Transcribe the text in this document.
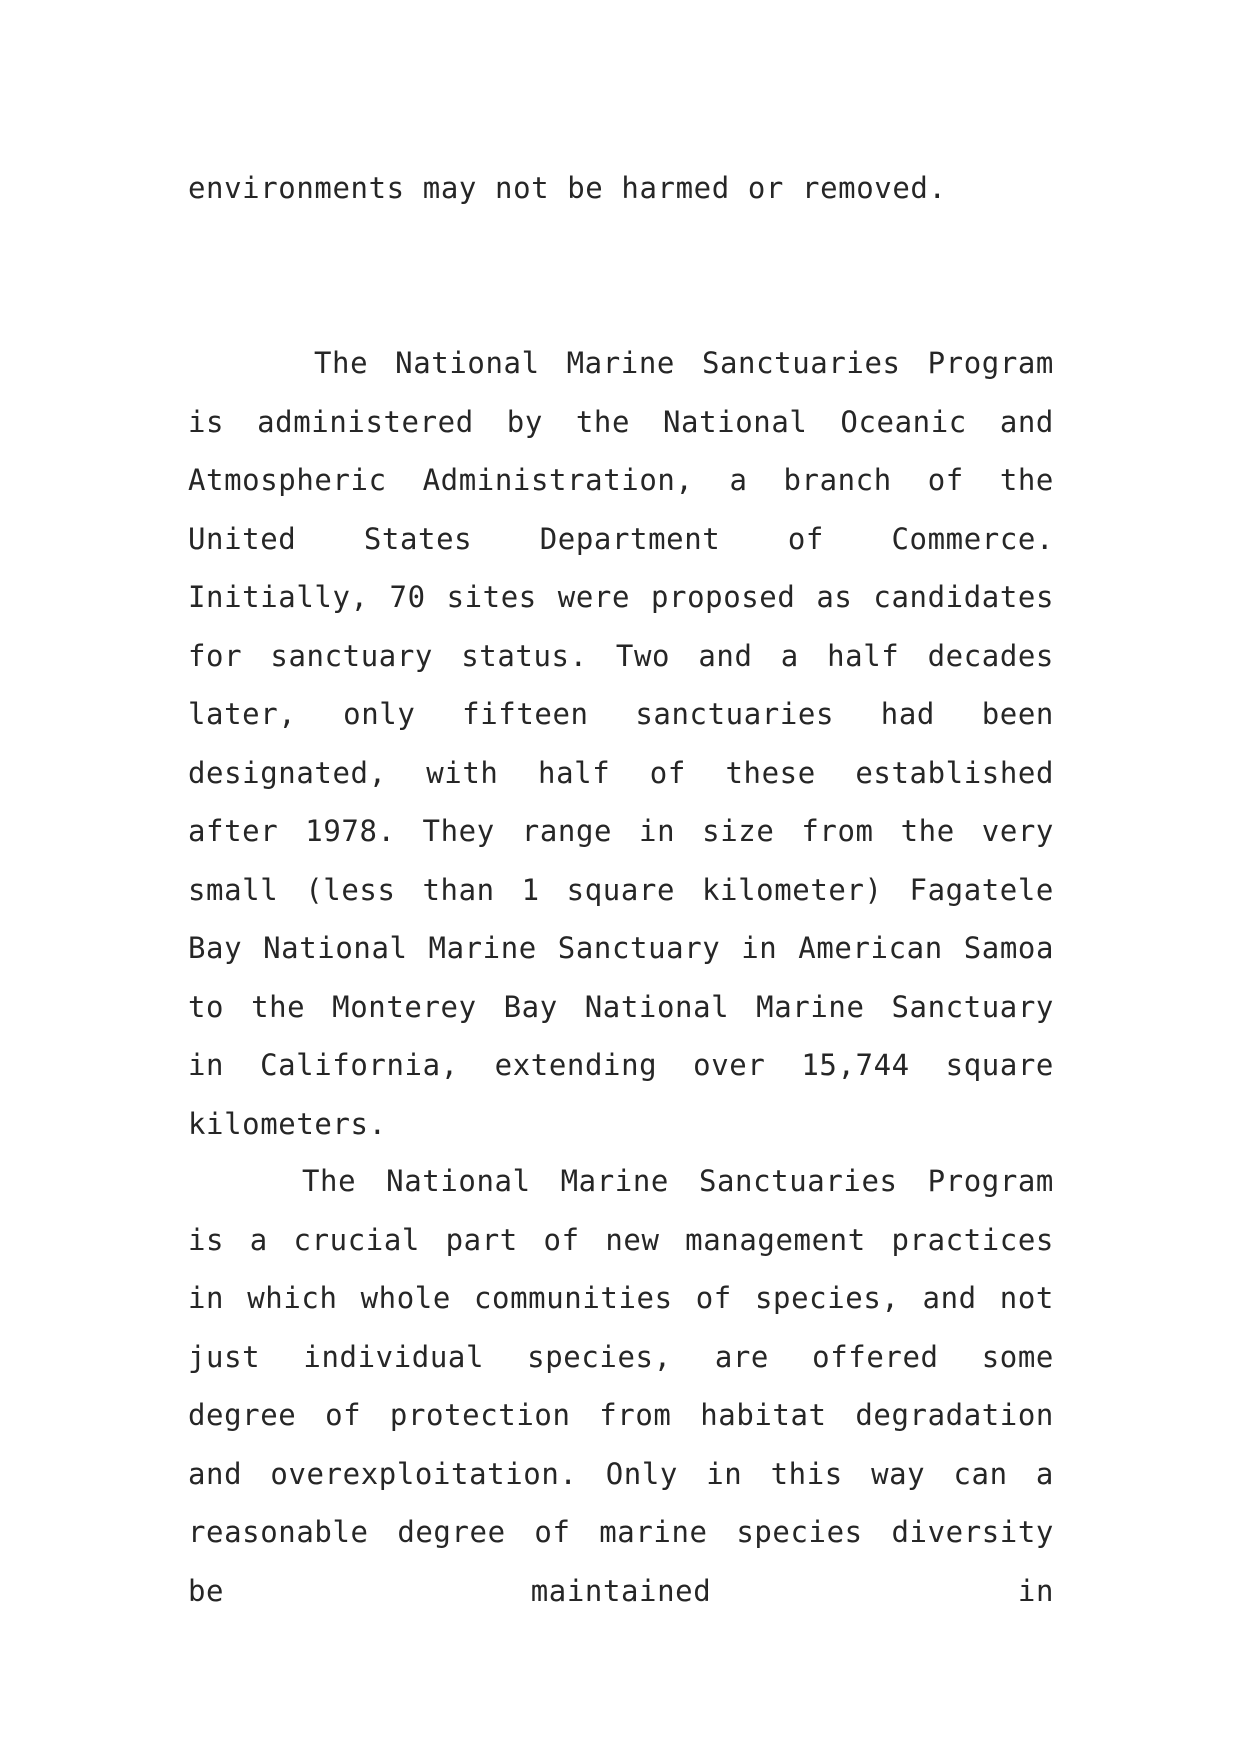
environments may not be harmed or removed.

The National Marine Sanctuaries Program is administered by the National Oceanic and Atmospheric Administration, a branch of the United States Department of Commerce. Initially, 70 sites were proposed as candidates for sanctuary status. Two and a half decades later, only fifteen sanctuaries had been designated, with half of these established after 1978. They range in size from the very small (less than 1 square kilometer) Fagatele Bay National Marine Sanctuary in American Samoa to the Monterey Bay National Marine Sanctuary in California, extending over 15,744 square kilometers.

The National Marine Sanctuaries Program is a crucial part of new management practices in which whole communities of species, and not just individual species, are offered some degree of protection from habitat degradation and overexploitation. Only in this way can a reasonable degree of marine species diversity be maintained in
